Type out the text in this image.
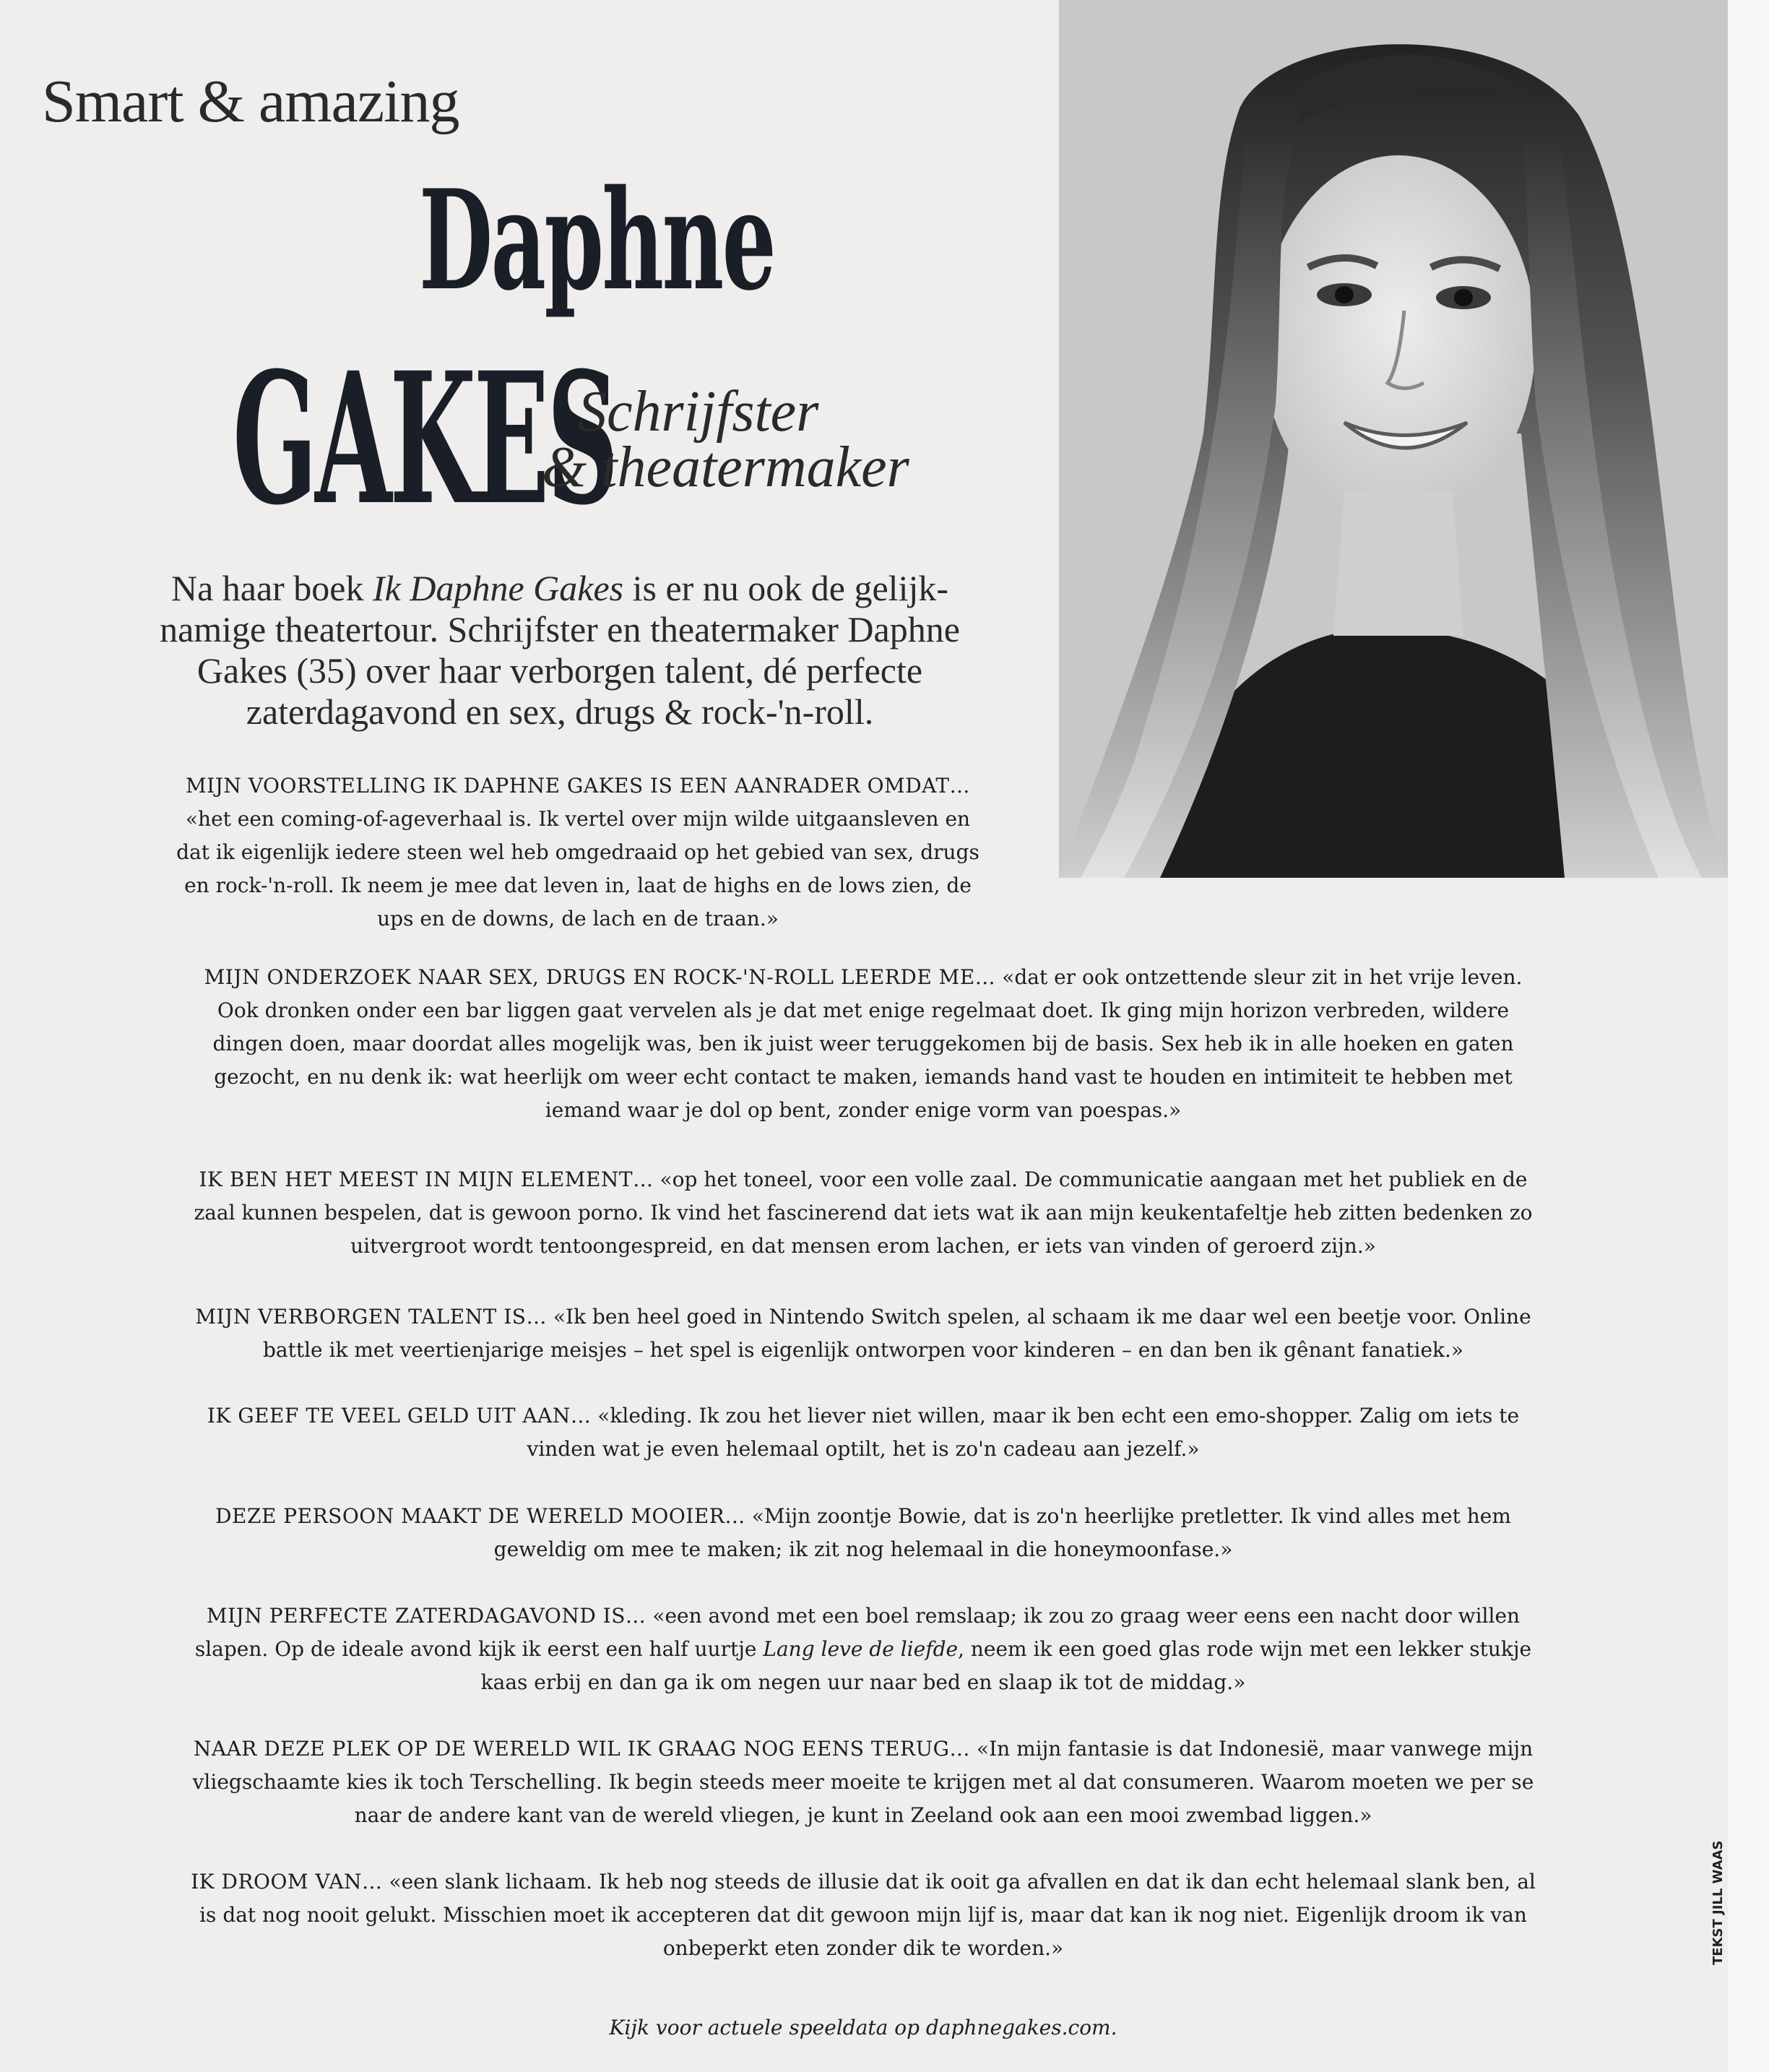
Smart & amazing
Daphne
GAKES
Schrijfster
& theatermaker

Na haar boek Ik Daphne Gakes is er nu ook de gelijk-namige theatertour. Schrijfster en theatermaker Daphne Gakes (35) over haar verborgen talent, dé perfecte zaterdagavond en sex, drugs & rock-'n-roll.

MIJN VOORSTELLING IK DAPHNE GAKES IS EEN AANRADER OMDAT…
«het een coming-of-ageverhaal is. Ik vertel over mijn wilde uitgaansleven en dat ik eigenlijk iedere steen wel heb omgedraaid op het gebied van sex, drugs en rock-'n-roll. Ik neem je mee dat leven in, laat de highs en de lows zien, de ups en de downs, de lach en de traan.»

MIJN ONDERZOEK NAAR SEX, DRUGS EN ROCK-'N-ROLL LEERDE ME… «dat er ook ontzettende sleur zit in het vrije leven. Ook dronken onder een bar liggen gaat vervelen als je dat met enige regelmaat doet. Ik ging mijn horizon verbreden, wildere dingen doen, maar doordat alles mogelijk was, ben ik juist weer teruggekomen bij de basis. Sex heb ik in alle hoeken en gaten gezocht, en nu denk ik: wat heerlijk om weer echt contact te maken, iemands hand vast te houden en intimiteit te hebben met iemand waar je dol op bent, zonder enige vorm van poespas.»

IK BEN HET MEEST IN MIJN ELEMENT… «op het toneel, voor een volle zaal. De communicatie aangaan met het publiek en de zaal kunnen bespelen, dat is gewoon porno. Ik vind het fascinerend dat iets wat ik aan mijn keukentafeltje heb zitten bedenken zo uitvergroot wordt tentoongespreid, en dat mensen erom lachen, er iets van vinden of geroerd zijn.»

MIJN VERBORGEN TALENT IS… «Ik ben heel goed in Nintendo Switch spelen, al schaam ik me daar wel een beetje voor. Online battle ik met veertienjarige meisjes – het spel is eigenlijk ontworpen voor kinderen – en dan ben ik gênant fanatiek.»

IK GEEF TE VEEL GELD UIT AAN… «kleding. Ik zou het liever niet willen, maar ik ben echt een emo-shopper. Zalig om iets te vinden wat je even helemaal optilt, het is zo'n cadeau aan jezelf.»

DEZE PERSOON MAAKT DE WERELD MOOIER… «Mijn zoontje Bowie, dat is zo'n heerlijke pretletter. Ik vind alles met hem geweldig om mee te maken; ik zit nog helemaal in die honeymoonfase.»

MIJN PERFECTE ZATERDAGAVOND IS… «een avond met een boel remslaap; ik zou zo graag weer eens een nacht door willen slapen. Op de ideale avond kijk ik eerst een half uurtje Lang leve de liefde, neem ik een goed glas rode wijn met een lekker stukje kaas erbij en dan ga ik om negen uur naar bed en slaap ik tot de middag.»

NAAR DEZE PLEK OP DE WERELD WIL IK GRAAG NOG EENS TERUG… «In mijn fantasie is dat Indonesië, maar vanwege mijn vliegschaamte kies ik toch Terschelling. Ik begin steeds meer moeite te krijgen met al dat consumeren. Waarom moeten we per se naar de andere kant van de wereld vliegen, je kunt in Zeeland ook aan een mooi zwembad liggen.»

IK DROOM VAN… «een slank lichaam. Ik heb nog steeds de illusie dat ik ooit ga afvallen en dat ik dan echt helemaal slank ben, al is dat nog nooit gelukt. Misschien moet ik accepteren dat dit gewoon mijn lijf is, maar dat kan ik nog niet. Eigenlijk droom ik van onbeperkt eten zonder dik te worden.»

Kijk voor actuele speeldata op daphnegakes.com.

TEKST JILL WAAS
